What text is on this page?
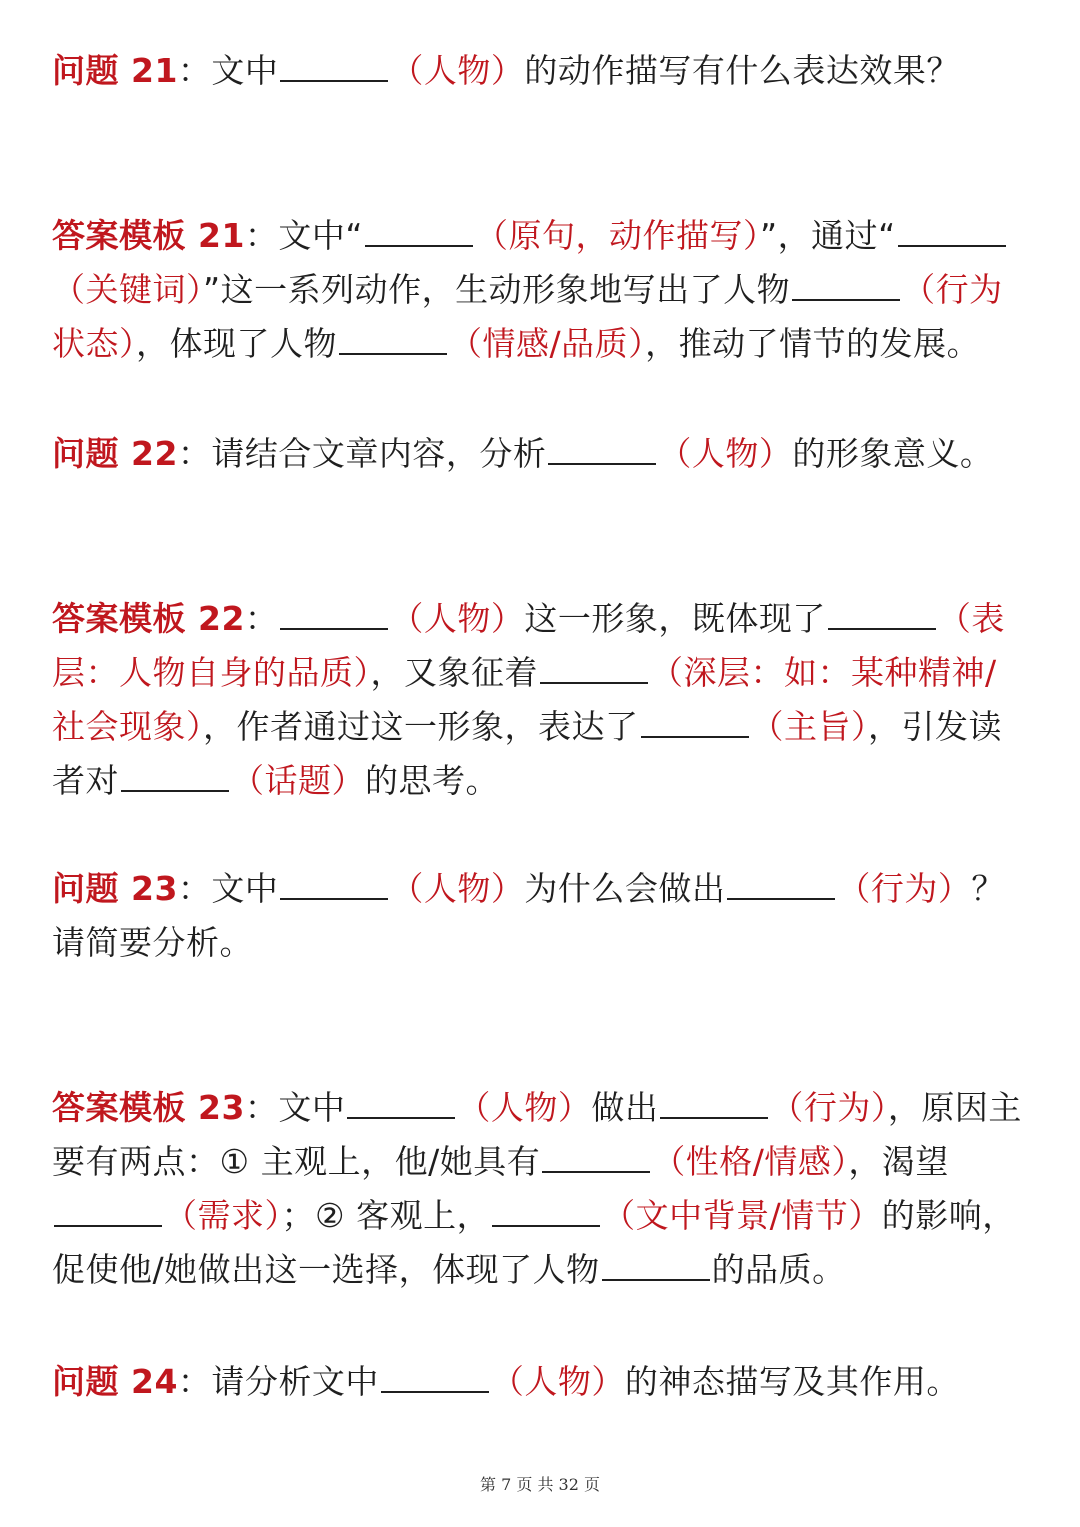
问题 21：文中	（人物）的动作描写有什么表达效果？

答案模板 21：文中“	（原句，动作描写）”，通过“（关键词）”这一系列动作，生动形象地写出了人物	（行为状态），体现了人物	（情感/品质），推动了情节的发展。

问题 22：请结合文章内容，分析	（人物）的形象意义。

答案模板 22：	（人物）这一形象，既体现了	（表层：人物自身的品质），又象征着	（深层：如：某种精神/社会现象），作者通过这一形象，表达了	（主旨），引发读者对	（话题）的思考。

问题 23：文中	（人物）为什么会做出	（行为）？请简要分析。

答案模板 23：文中	（人物）做出	（行为），原因主要有两点：① 主观上，他/她具有	（性格/情感），渴望（需求）；② 客观上，	（文中背景/情节）的影响，促使他/她做出这一选择，体现了人物	的品质。

问题 24：请分析文中	（人物）的神态描写及其作用。

第 7 页 共 32 页
